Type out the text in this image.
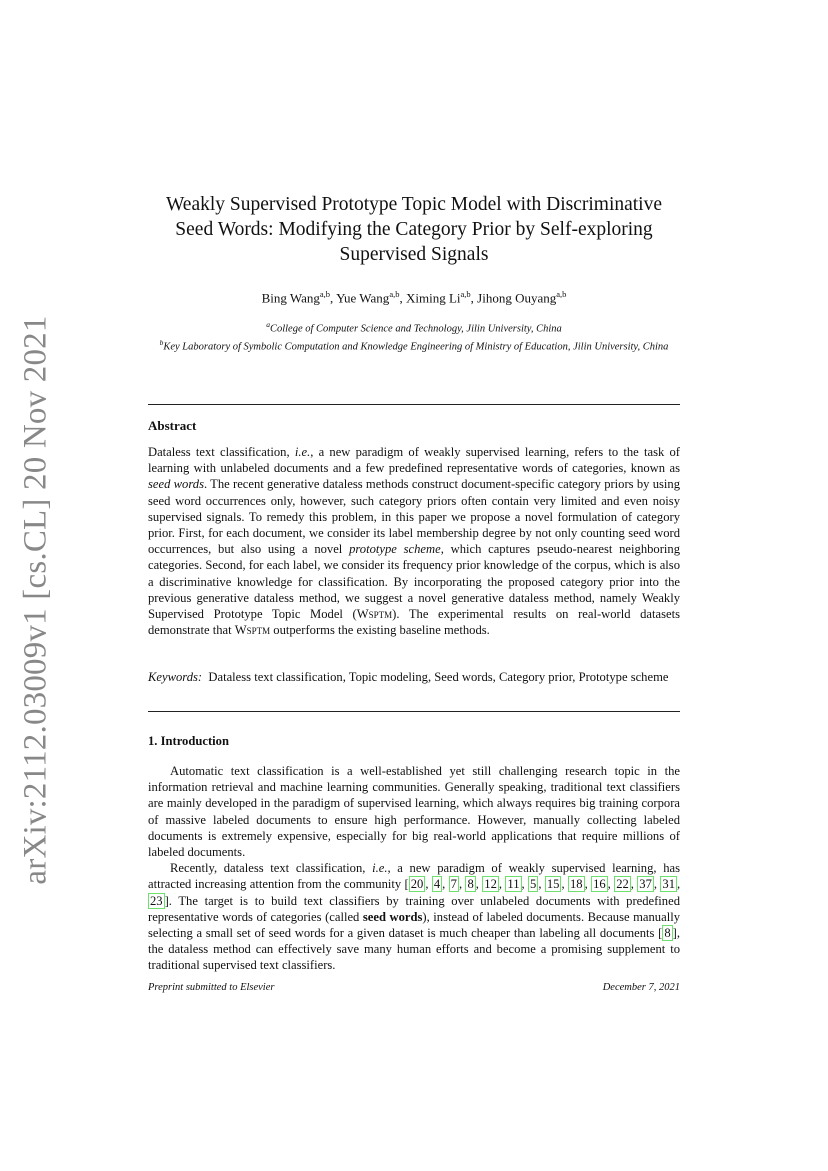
arXiv:2112.03009v1 [cs.CL] 20 Nov 2021
Weakly Supervised Prototype Topic Model with Discriminative
Seed Words: Modifying the Category Prior by Self-exploring
Supervised Signals
Bing Wang$^{a,b}$, Yue Wang$^{a,b}$, Ximing Li$^{a,b}$, Jihong Ouyang$^{a,b}$
$^a$College of Computer Science and Technology, Jilin University, China
$^b$Key Laboratory of Symbolic Computation and Knowledge Engineering of Ministry of Education, Jilin University, China
Abstract

Dataless text classification, i.e., a new paradigm of weakly supervised learning, refers to the task of learning with unlabeled documents and a few predefined representative words of categories, known as seed words. The recent generative dataless methods construct document-specific category priors by using seed word occurrences only, however, such category priors often contain very limited and even noisy supervised signals. To remedy this problem, in this paper we propose a novel formulation of category prior. First, for each document, we consider its label membership degree by not only counting seed word occurrences, but also using a novel prototype scheme, which captures pseudo-nearest neighboring categories. Second, for each label, we consider its frequency prior knowledge of the corpus, which is also a discriminative knowledge for classification. By incorporating the proposed category prior into the previous generative dataless method, we suggest a novel generative dataless method, namely Weakly Supervised Prototype Topic Model (Wsptm). The experimental results on real-world datasets demonstrate that Wsptm outperforms the existing baseline methods.

Keywords: Dataless text classification, Topic modeling, Seed words, Category prior, Prototype scheme

1. Introduction

Automatic text classification is a well-established yet still challenging research topic in the information retrieval and machine learning communities. Generally speaking, traditional text classifiers are mainly developed in the paradigm of supervised learning, which always requires big training corpora of massive labeled documents to ensure high performance. However, manually collecting labeled documents is extremely expensive, especially for big real-world applications that require millions of labeled documents.

Recently, dataless text classification, i.e., a new paradigm of weakly supervised learning, has attracted increasing attention from the community [ 20 , 4 , 7 , 8 , 12 , 11 , 5 , 15 , 18 , 16 , 22 , 37 , 31 , 23 ]. The target is to build text classifiers by training over unlabeled documents with predefined representative words of categories (called seed words), instead of labeled documents. Because manually selecting a small set of seed words for a given dataset is much cheaper than labeling all documents [ 8 ], the dataless method can effectively save many human efforts and become a promising supplement to traditional supervised text classifiers.

Preprint submitted to Elsevier	December 7, 2021
